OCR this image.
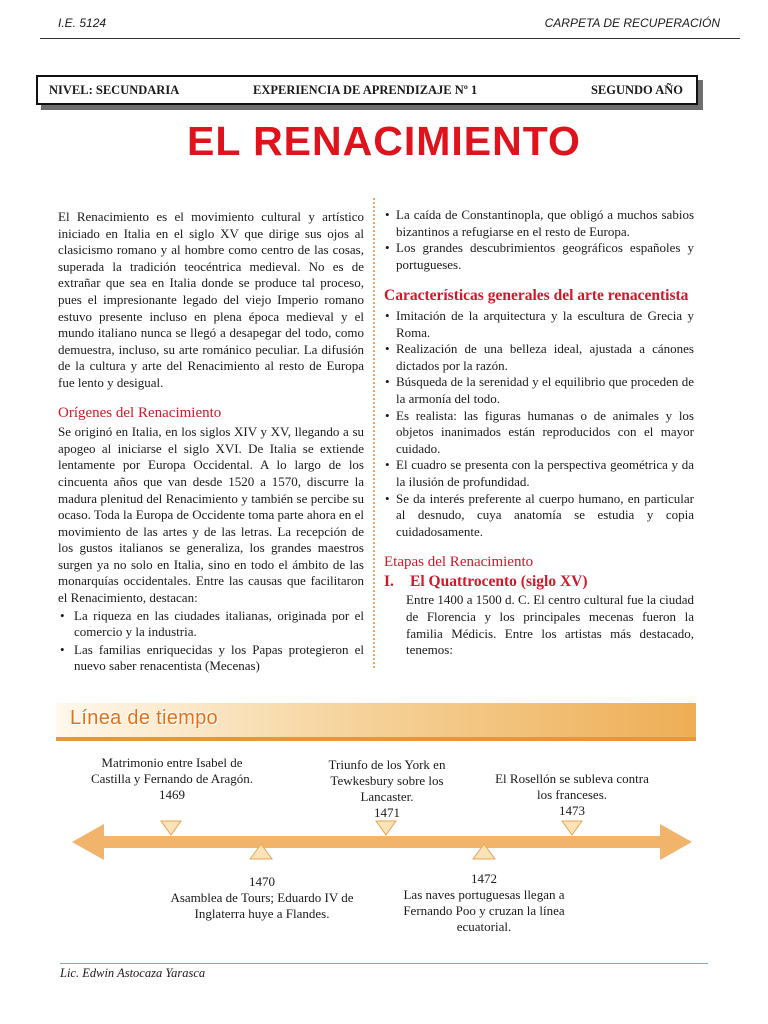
I.E. 5124	CARPETA DE RECUPERACIÓN
NIVEL: SECUNDARIA	EXPERIENCIA DE APRENDIZAJE Nº 1	SEGUNDO AÑO
EL RENACIMIENTO

El Renacimiento es el movimiento cultural y artístico iniciado en Italia en el siglo XV que dirige sus ojos al clasicismo romano y al hombre como centro de las cosas, superada la tradición teocéntrica medieval. No es de extrañar que sea en Italia donde se produce tal proceso, pues el impresionante legado del viejo Imperio romano estuvo presente incluso en plena época medieval y el mundo italiano nunca se llegó a desapegar del todo, como demuestra, incluso, su arte románico peculiar. La difusión de la cultura y arte del Renacimiento al resto de Europa fue lento y desigual.

Orígenes del Renacimiento

Se originó en Italia, en los siglos XIV y XV, llegando a su apogeo al iniciarse el siglo XVI. De Italia se extiende lentamente por Europa Occidental. A lo largo de los cincuenta años que van desde 1520 a 1570, discurre la madura plenitud del Renacimiento y también se percibe su ocaso. Toda la Europa de Occidente toma parte ahora en el movimiento de las artes y de las letras. La recepción de los gustos italianos se generaliza, los grandes maestros surgen ya no solo en Italia, sino en todo el ámbito de las monarquías occidentales. Entre las causas que facilitaron el Renacimiento, destacan:

• La riqueza en las ciudades italianas, originada por el comercio y la industria.
• Las familias enriquecidas y los Papas protegieron el nuevo saber renacentista (Mecenas)
• La caída de Constantinopla, que obligó a muchos sabios bizantinos a refugiarse en el resto de Europa.
• Los grandes descubrimientos geográficos españoles y portugueses.
Características generales del arte renacentista
• Imitación de la arquitectura y la escultura de Grecia y Roma.
• Realización de una belleza ideal, ajustada a cánones dictados por la razón.
• Búsqueda de la serenidad y el equilibrio que proceden de la armonía del todo.
• Es realista: las figuras humanas o de animales y los objetos inanimados están reproducidos con el mayor cuidado.
• El cuadro se presenta con la perspectiva geométrica y da la ilusión de profundidad.
• Se da interés preferente al cuerpo humano, en particular al desnudo, cuya anatomía se estudia y copia cuidadosamente.
Etapas del Renacimiento
I. El Quattrocento (siglo XV)

Entre 1400 a 1500 d. C. El centro cultural fue la ciudad de Florencia y los principales mecenas fueron la familia Médicis. Entre los artistas más destacado, tenemos:

Línea de tiempo
Matrimonio entre Isabel de Castilla y Fernando de Aragón.
1469
1470
Asamblea de Tours; Eduardo IV de Inglaterra huye a Flandes.
Triunfo de los York en Tewkesbury sobre los Lancaster.
1471
1472
Las naves portuguesas llegan a Fernando Poo y cruzan la línea ecuatorial.
El Rosellón se subleva contra los franceses.
1473
Lic. Edwin Astocaza Yarasca
